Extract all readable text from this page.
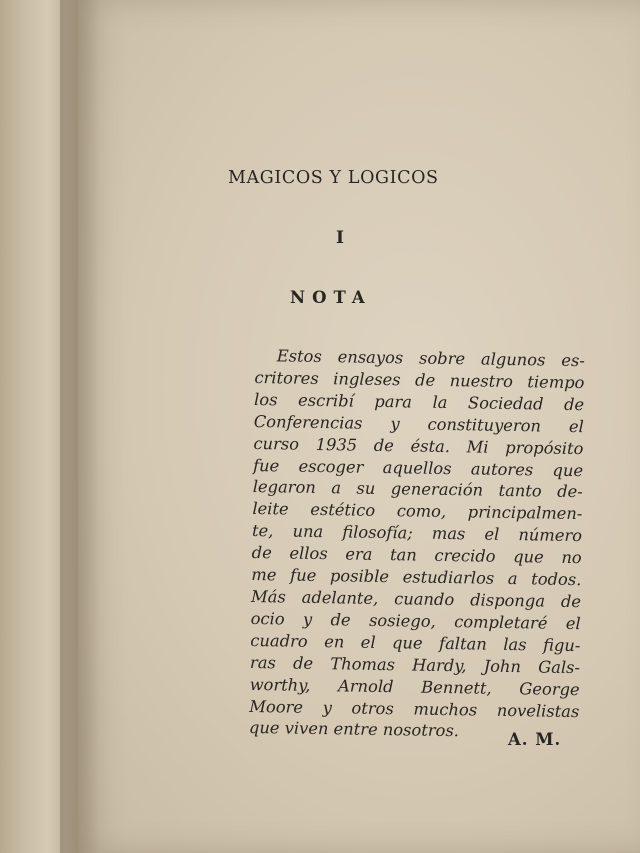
MAGICOS Y LOGICOS
I
NOTA
Estos ensayos sobre algunos es-
critores ingleses de nuestro tiempo
los escribí para la Sociedad de
Conferencias y constituyeron el
curso 1935 de ésta. Mi propósito
fue escoger aquellos autores que
legaron a su generación tanto de-
leite estético como, principalmen-
te, una filosofía; mas el número
de ellos era tan crecido que no
me fue posible estudiarlos a todos.
Más adelante, cuando disponga de
ocio y de sosiego, completaré el
cuadro en el que faltan las figu-
ras de Thomas Hardy, John Gals-
worthy, Arnold Bennett, George
Moore y otros muchos novelistas
que viven entre nosotros.	A. M.
